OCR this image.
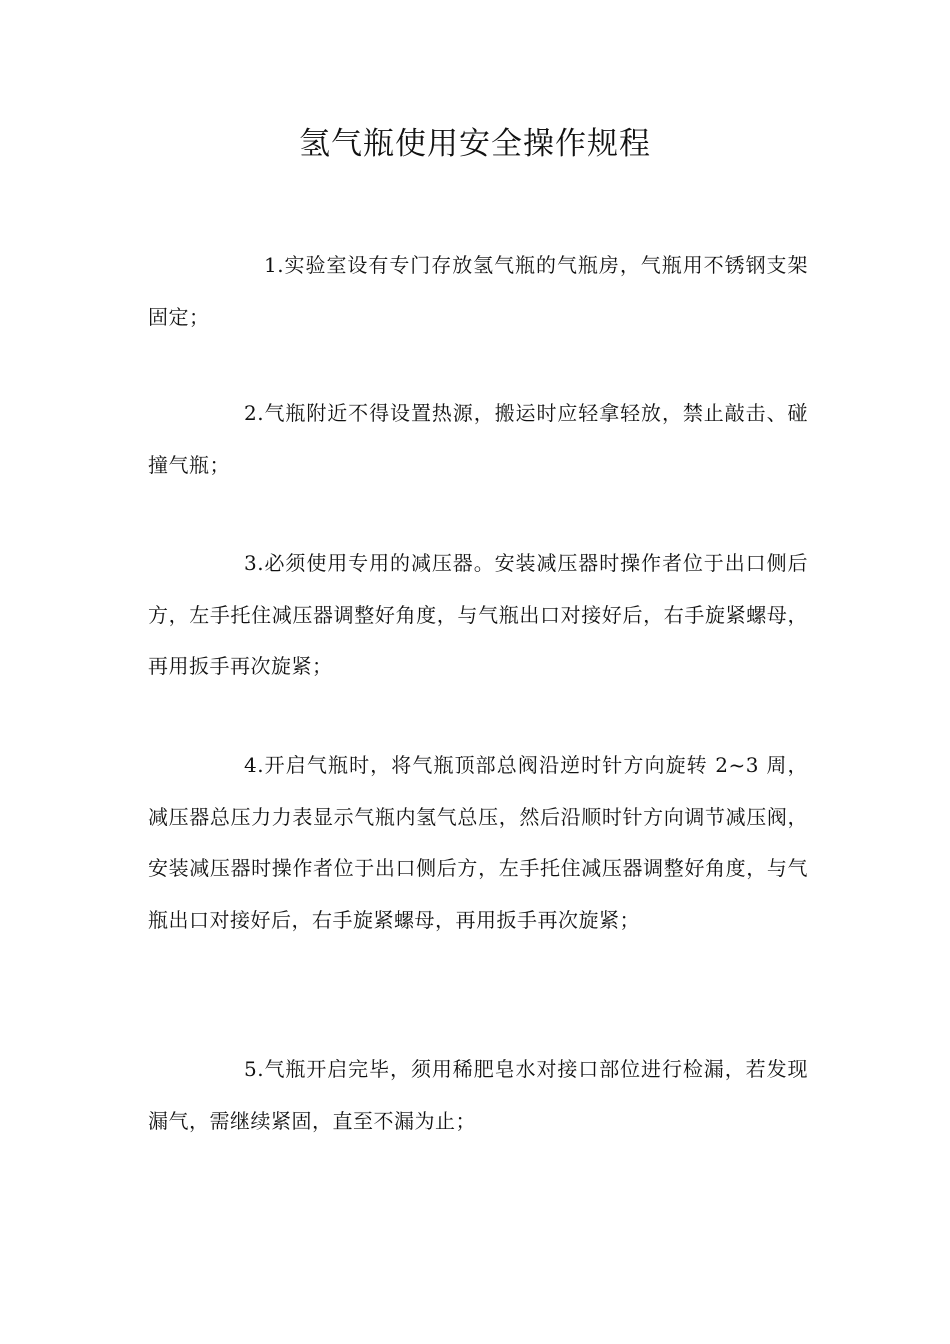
氢气瓶使用安全操作规程

1.实验室设有专门存放氢气瓶的气瓶房，气瓶用不锈钢支架固定；

2.气瓶附近不得设置热源，搬运时应轻拿轻放，禁止敲击、碰撞气瓶；

3.必须使用专用的减压器。安装减压器时操作者位于出口侧后方，左手托住减压器调整好角度，与气瓶出口对接好后，右手旋紧螺母，再用扳手再次旋紧；

4.开启气瓶时，将气瓶顶部总阀沿逆时针方向旋转 2~3 周，减压器总压力力表显示气瓶内氢气总压，然后沿顺时针方向调节减压阀，安装减压器时操作者位于出口侧后方，左手托住减压器调整好角度，与气瓶出口对接好后，右手旋紧螺母，再用扳手再次旋紧；

5.气瓶开启完毕，须用稀肥皂水对接口部位进行检漏，若发现漏气，需继续紧固，直至不漏为止；
